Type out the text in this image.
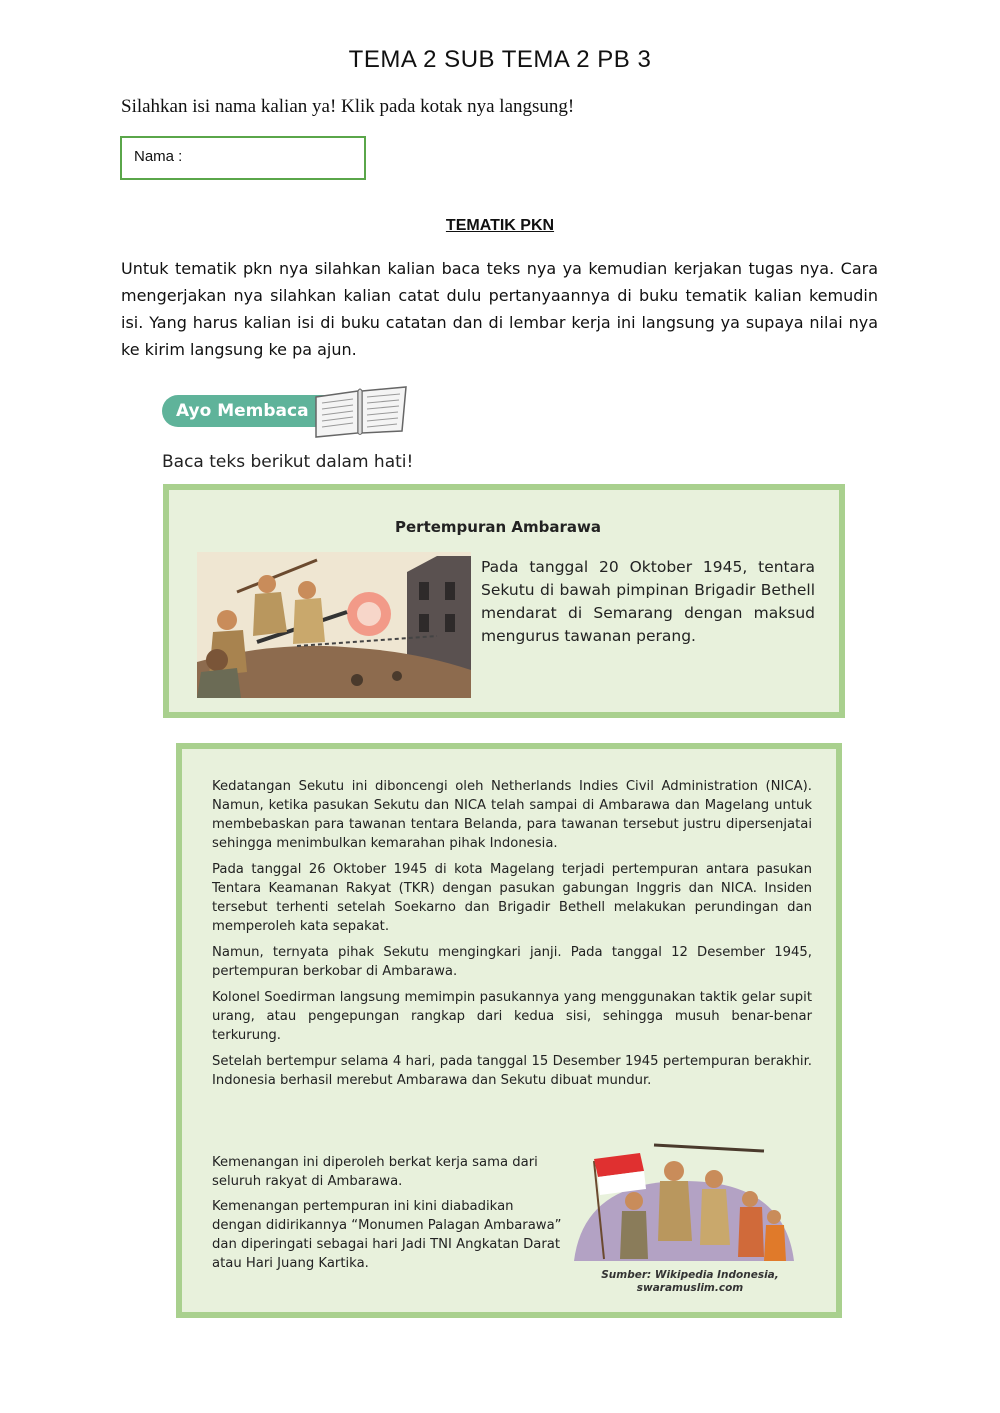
TEMA 2 SUB TEMA 2 PB 3
Silahkan isi nama kalian ya! Klik pada kotak nya langsung!
Nama :
TEMATIK PKN
Untuk tematik pkn nya silahkan kalian baca teks nya ya kemudian kerjakan tugas nya. Cara mengerjakan nya silahkan kalian catat dulu pertanyaannya di buku tematik kalian kemudin isi. Yang harus kalian isi di buku catatan dan di lembar kerja ini langsung ya supaya nilai nya ke kirim langsung ke pa ajun.
Ayo Membaca
Baca teks berikut dalam hati!
Pertempuran Ambarawa
Pada tanggal 20 Oktober 1945, tentara Sekutu di bawah pimpinan Brigadir Bethell mendarat di Semarang dengan maksud mengurus tawanan perang.

Kedatangan Sekutu ini diboncengi oleh Netherlands Indies Civil Administration (NICA). Namun, ketika pasukan Sekutu dan NICA telah sampai di Ambarawa dan Magelang untuk membebaskan para tawanan tentara Belanda, para tawanan tersebut justru dipersenjatai sehingga menimbulkan kemarahan pihak Indonesia.

Pada tanggal 26 Oktober 1945 di kota Magelang terjadi pertempuran antara pasukan Tentara Keamanan Rakyat (TKR) dengan pasukan gabungan Inggris dan NICA. Insiden tersebut terhenti setelah Soekarno dan Brigadir Bethell melakukan perundingan dan memperoleh kata sepakat.

Namun, ternyata pihak Sekutu mengingkari janji. Pada tanggal 12 Desember 1945, pertempuran berkobar di Ambarawa.

Kolonel Soedirman langsung memimpin pasukannya yang menggunakan taktik gelar supit urang, atau pengepungan rangkap dari kedua sisi, sehingga musuh benar-benar terkurung.

Setelah bertempur selama 4 hari, pada tanggal 15 Desember 1945 pertempuran berakhir. Indonesia berhasil merebut Ambarawa dan Sekutu dibuat mundur.

Kemenangan ini diperoleh berkat kerja sama dari seluruh rakyat di Ambarawa.

Kemenangan pertempuran ini kini diabadikan dengan didirikannya “Monumen Palagan Ambarawa” dan diperingati sebagai hari Jadi TNI Angkatan Darat atau Hari Juang Kartika.

Sumber: Wikipedia Indonesia,
swaramuslim.com
